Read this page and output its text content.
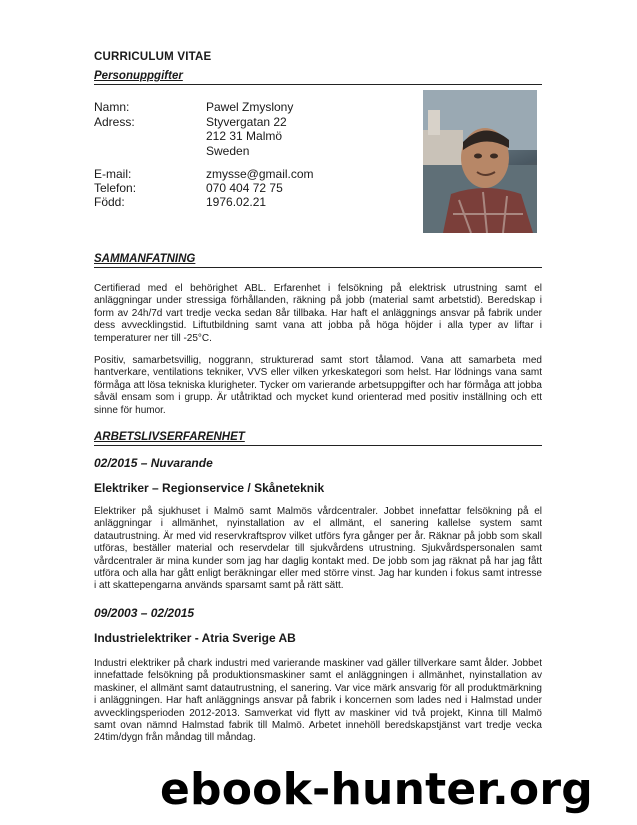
CURRICULUM VITAE
Personuppgifter
Namn:	Pawel Zmyslony
Adress:	Styvergatan 22
212 31 Malmö
Sweden
E-mail:	zmysse@gmail.com
Telefon:	070 404 72 75
Född:	1976.02.21
SAMMANFATNING
Certifierad med el behörighet ABL. Erfarenhet i felsökning på elektrisk utrustning samt el anläggningar under stressiga förhållanden, räkning på jobb (material samt arbetstid). Beredskap i form av 24h/7d vart tredje vecka sedan 8år tillbaka. Har haft el anläggnings ansvar på fabrik under dess avvecklingstid. Liftutbildning samt vana att jobba på höga höjder i alla typer av liftar i temperaturer ner till -25°C.
Positiv, samarbetsvillig, noggrann, strukturerad samt stort tålamod. Vana att samarbeta med hantverkare, ventilations tekniker, VVS eller vilken yrkeskategori som helst. Har lödnings vana samt förmåga att lösa tekniska klurigheter. Tycker om varierande arbetsuppgifter och har förmåga att jobba såväl ensam som i grupp. Är utåtriktad och mycket kund orienterad med positiv inställning och ett sinne för humor.
ARBETSLIVSERFARENHET
02/2015 – Nuvarande
Elektriker – Regionservice / Skåneteknik
Elektriker på sjukhuset i Malmö samt Malmös vårdcentraler. Jobbet innefattar felsökning på el anläggningar i allmänhet, nyinstallation av el allmänt, el sanering kallelse system samt datautrustning. Är med vid reservkraftsprov vilket utförs fyra gånger per år. Räknar på jobb som skall utföras, beställer material och reservdelar till sjukvårdens utrustning. Sjukvårdspersonalen samt vårdcentraler är mina kunder som jag har daglig kontakt med. De jobb som jag räknat på har jag fått utföra och alla har gått enligt beräkningar eller med större vinst. Jag har kunden i fokus samt intresse i att skattepengarna används sparsamt samt på rätt sätt.
09/2003 – 02/2015
Industrielektriker - Atria Sverige AB
Industri elektriker på chark industri med varierande maskiner vad gäller tillverkare samt ålder. Jobbet innefattade felsökning på produktionsmaskiner samt el anläggningen i allmänhet, nyinstallation av maskiner, el allmänt samt datautrustning, el sanering. Var vice märk ansvarig för all produktmärkning i anläggningen. Har haft anläggnings ansvar på fabrik i koncernen som lades ned i Halmstad under avvecklingsperioden 2012-2013. Samverkat vid flytt av maskiner vid två projekt, Kinna till Malmö samt ovan nämnd Halmstad fabrik till Malmö. Arbetet innehöll beredskapstjänst vart tredje vecka 24tim/dygn från måndag till måndag.
ebook-hunter.org
